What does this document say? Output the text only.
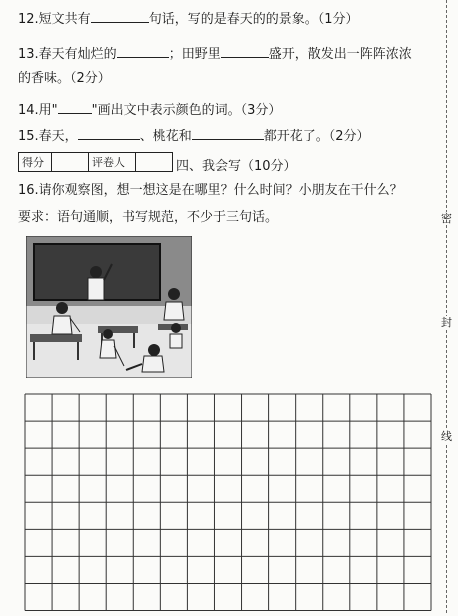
12.短文共有	句话，写的是春天的的景象。（1分）
13.春天有灿烂的	；田野里	盛开，散发出一阵阵浓浓
的香味。（2分）
14.用"	"画出文中表示颜色的词。（3分）
15.春天，	、桃花和	都开花了。（2分）
得分		评卷人		四、我会写（10分）
16.请你观察图，想一想这是在哪里？什么时间？小朋友在干什么？
要求：语句通顺，书写规范，不少于三句话。	密
封
线
